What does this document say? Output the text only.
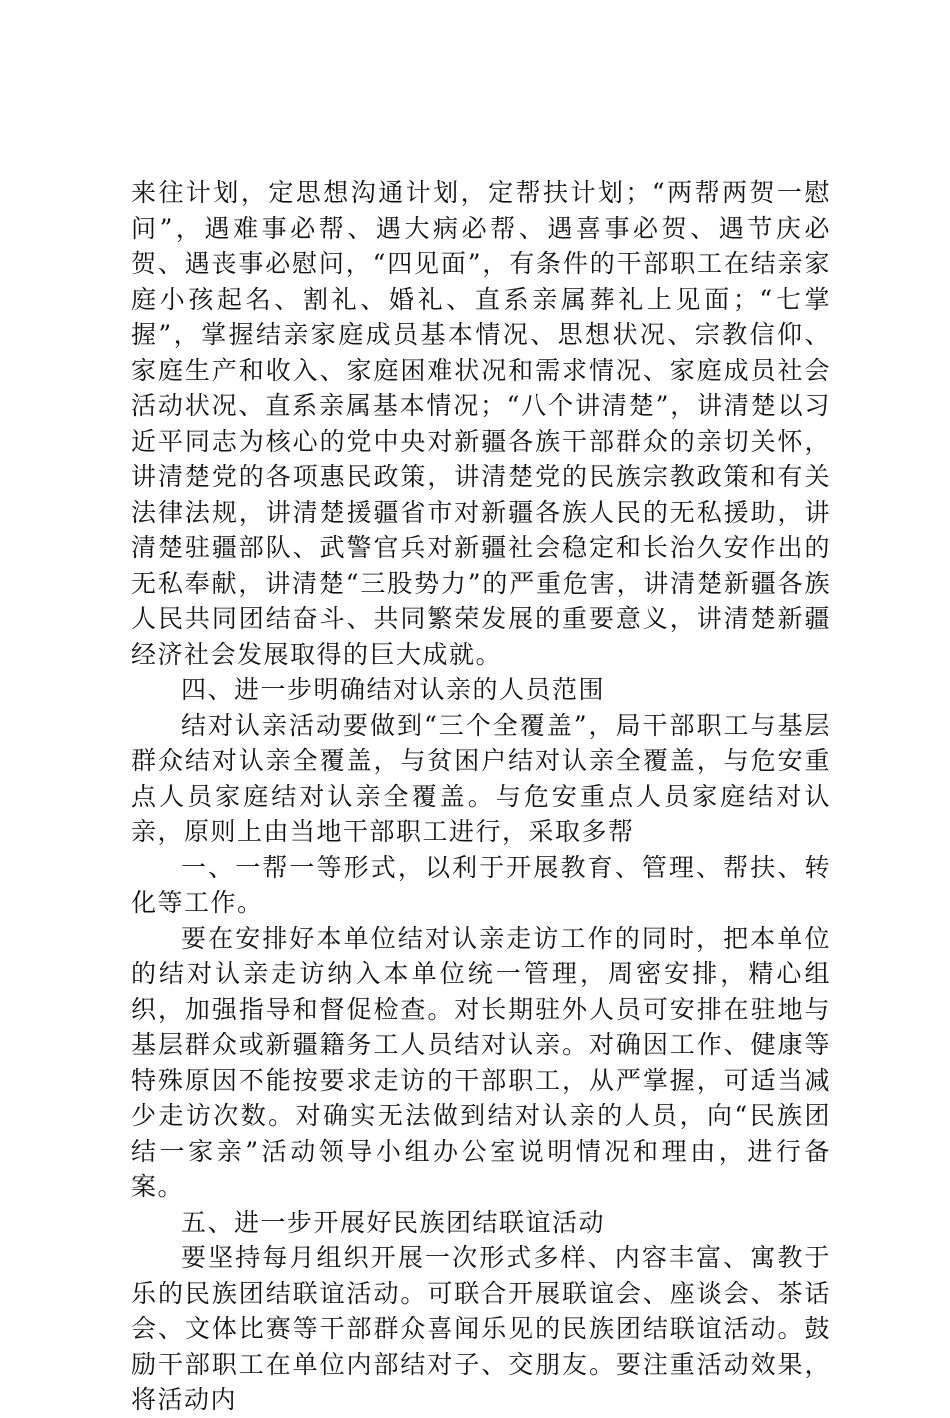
来往计划，定思想沟通计划，定帮扶计划；“两帮两贺一慰问”，遇难事必帮、遇大病必帮、遇喜事必贺、遇节庆必贺、遇丧事必慰问，“四见面”，有条件的干部职工在结亲家庭小孩起名、割礼、婚礼、直系亲属葬礼上见面；“七掌握”，掌握结亲家庭成员基本情况、思想状况、宗教信仰、家庭生产和收入、家庭困难状况和需求情况、家庭成员社会活动状况、直系亲属基本情况；“八个讲清楚”，讲清楚以习近平同志为核心的党中央对新疆各族干部群众的亲切关怀，讲清楚党的各项惠民政策，讲清楚党的民族宗教政策和有关法律法规，讲清楚援疆省市对新疆各族人民的无私援助，讲清楚驻疆部队、武警官兵对新疆社会稳定和长治久安作出的无私奉献，讲清楚“三股势力”的严重危害，讲清楚新疆各族人民共同团结奋斗、共同繁荣发展的重要意义，讲清楚新疆经济社会发展取得的巨大成就。

四、进一步明确结对认亲的人员范围

结对认亲活动要做到“三个全覆盖”，局干部职工与基层群众结对认亲全覆盖，与贫困户结对认亲全覆盖，与危安重点人员家庭结对认亲全覆盖。与危安重点人员家庭结对认亲，原则上由当地干部职工进行，采取多帮

一、一帮一等形式，以利于开展教育、管理、帮扶、转化等工作。

要在安排好本单位结对认亲走访工作的同时，把本单位的结对认亲走访纳入本单位统一管理，周密安排，精心组织，加强指导和督促检查。对长期驻外人员可安排在驻地与基层群众或新疆籍务工人员结对认亲。对确因工作、健康等特殊原因不能按要求走访的干部职工，从严掌握，可适当减少走访次数。对确实无法做到结对认亲的人员，向“民族团结一家亲”活动领导小组办公室说明情况和理由，进行备案。

五、进一步开展好民族团结联谊活动

要坚持每月组织开展一次形式多样、内容丰富、寓教于乐的民族团结联谊活动。可联合开展联谊会、座谈会、茶话会、文体比赛等干部群众喜闻乐见的民族团结联谊活动。鼓励干部职工在单位内部结对子、交朋友。要注重活动效果，将活动内
